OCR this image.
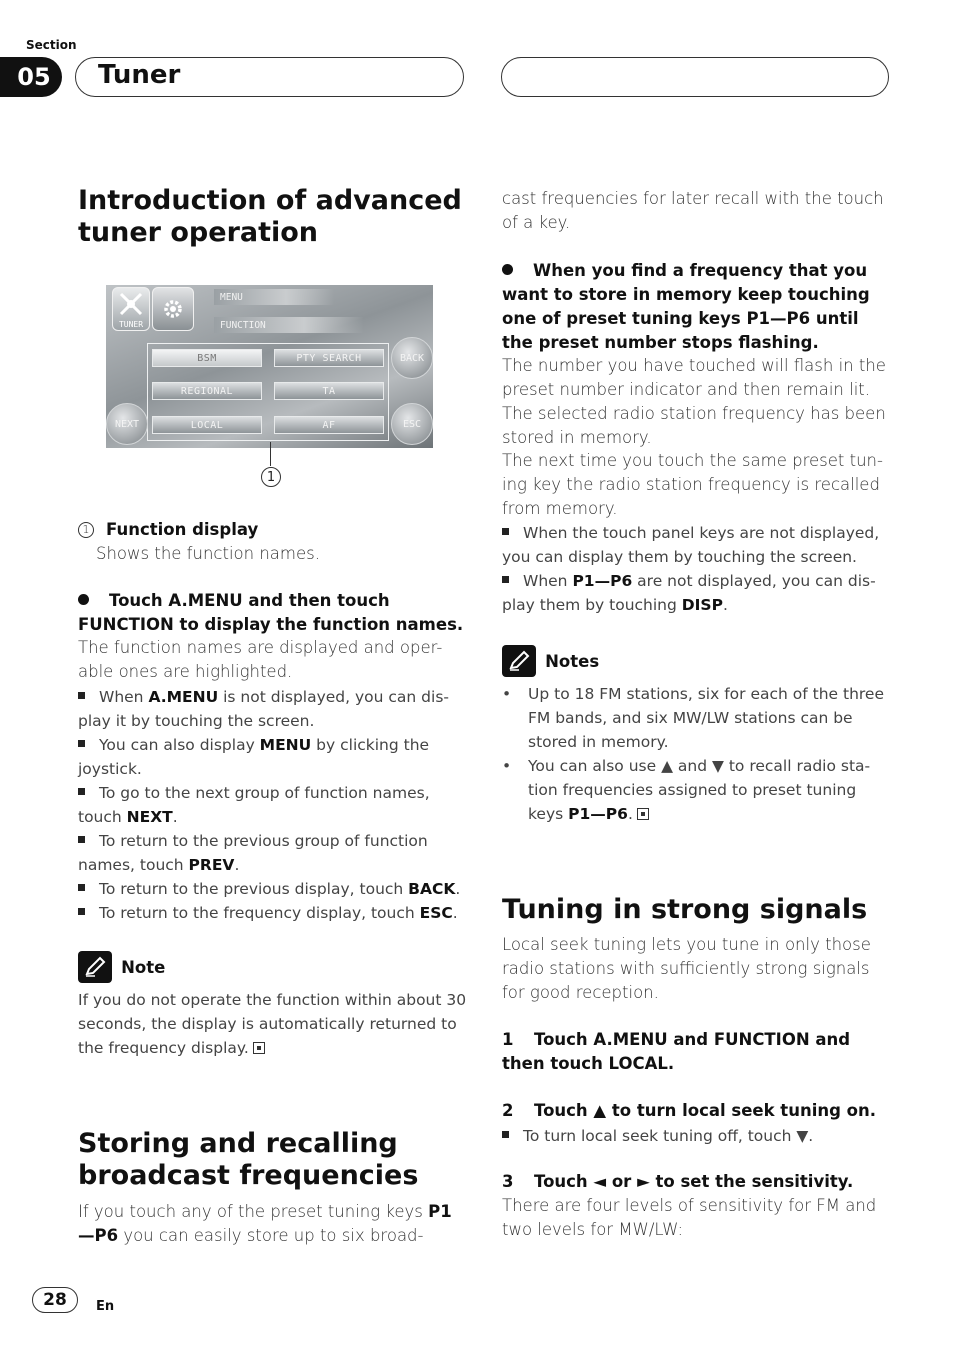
Section
05	Tuner
Introduction of advanced tuner operation
TUNER
MENU
FUNCTION
BSM	PTY SEARCH
REGIONAL	TA
LOCAL	AF
BACK
NEXT	ESC
1
1 Function display
Shows the function names.
Touch A.MENU and then touch FUNCTION to display the function names.
The function names are displayed and oper-able ones are highlighted.
When A.MENU is not displayed, you can dis-play it by touching the screen.
You can also display MENU by clicking the joystick.
To go to the next group of function names, touch NEXT.
To return to the previous group of function names, touch PREV.
To return to the previous display, touch BACK.
To return to the frequency display, touch ESC.
Note
If you do not operate the function within about 30 seconds, the display is automatically returned to the frequency display.
Storing and recalling broadcast frequencies
If you touch any of the preset tuning keys P1—P6 you can easily store up to six broad-
cast frequencies for later recall with the touch of a key.
When you find a frequency that you want to store in memory keep touching one of preset tuning keys P1—P6 until the preset number stops flashing.
The number you have touched will flash in the preset number indicator and then remain lit. The selected radio station frequency has been stored in memory.
The next time you touch the same preset tun-ing key the radio station frequency is recalled from memory.
When the touch panel keys are not displayed, you can display them by touching the screen.
When P1—P6 are not displayed, you can dis-play them by touching DISP.
Notes
•	Up to 18 FM stations, six for each of the three FM bands, and six MW/LW stations can be stored in memory.
•	You can also use ▲ and ▼ to recall radio sta-tion frequencies assigned to preset tuning keys P1—P6.
Tuning in strong signals
Local seek tuning lets you tune in only those radio stations with sufficiently strong signals for good reception.
1 Touch A.MENU and FUNCTION and then touch LOCAL.
2 Touch ▲ to turn local seek tuning on.
To turn local seek tuning off, touch ▼.
3 Touch ◄ or ► to set the sensitivity.
There are four levels of sensitivity for FM and two levels for MW/LW:
28	En
